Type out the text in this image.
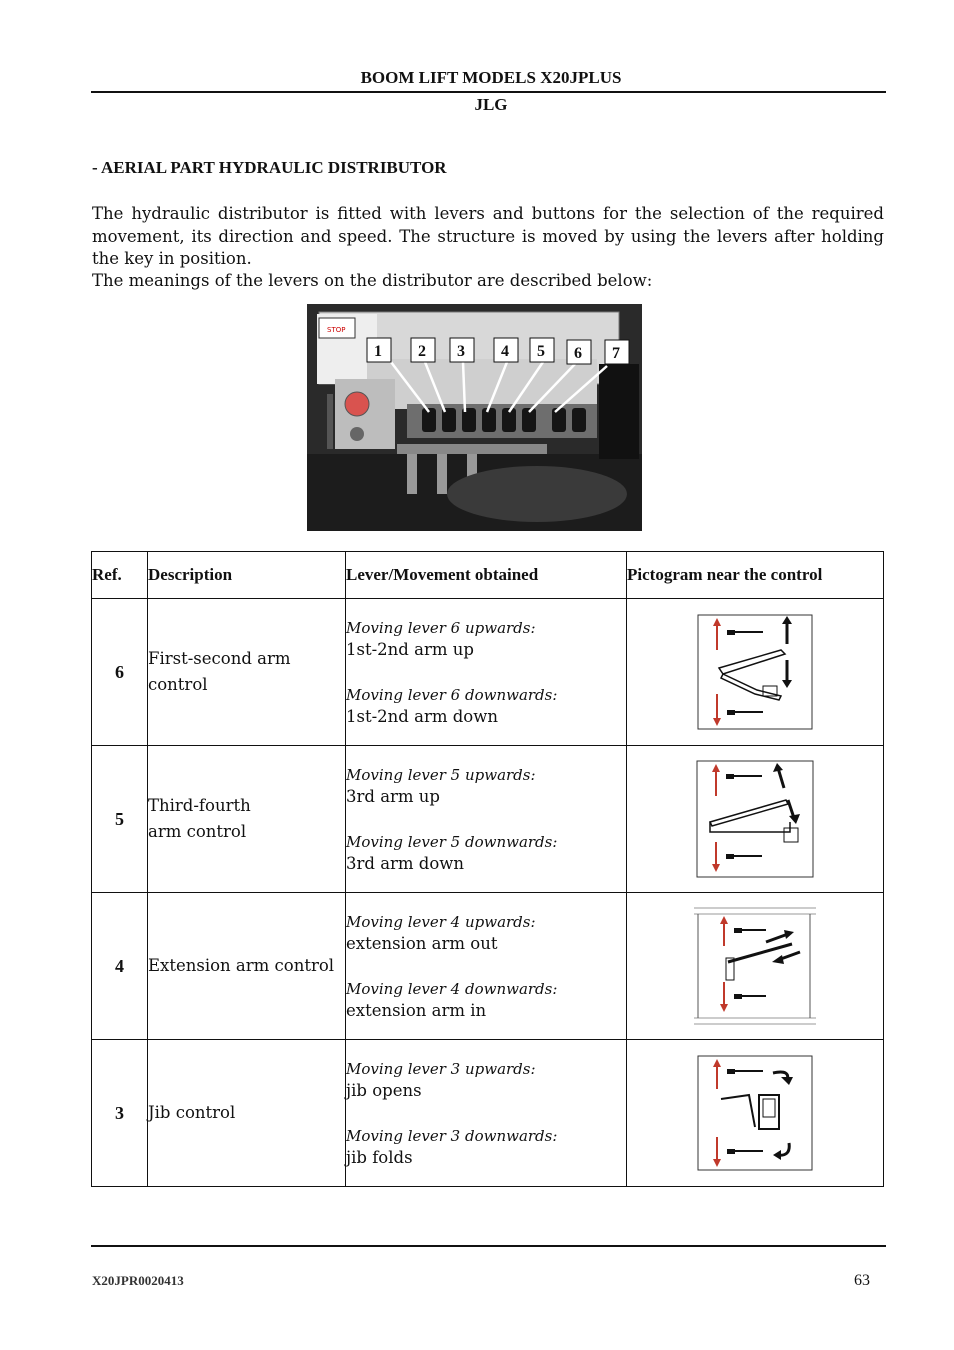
BOOM LIFT MODELS X20JPLUS
JLG
- AERIAL PART HYDRAULIC DISTRIBUTOR
The hydraulic distributor is fitted with levers and buttons for the selection of the required movement, its direction and speed. The structure is moved by using the levers after holding the key in position.
The meanings of the levers on the distributor are described below:
STOP
1 2 3 4 5 6 7
Ref.	Description	Lever/Movement obtained	Pictogram near the control
6	First-second arm control	Moving lever 6 upwards:
1st-2nd arm up
Moving lever 6 downwards:
1st-2nd arm down

5	Third-fourth arm control	Moving lever 5 upwards:
3rd arm up
Moving lever 5 downwards:
3rd arm down

4	Extension arm control	Moving lever 4 upwards:
extension arm out
Moving lever 4 downwards:
extension arm in

3	Jib control	Moving lever 3 upwards:
jib opens
Moving lever 3 downwards:
jib folds

X20JPR0020413	63
